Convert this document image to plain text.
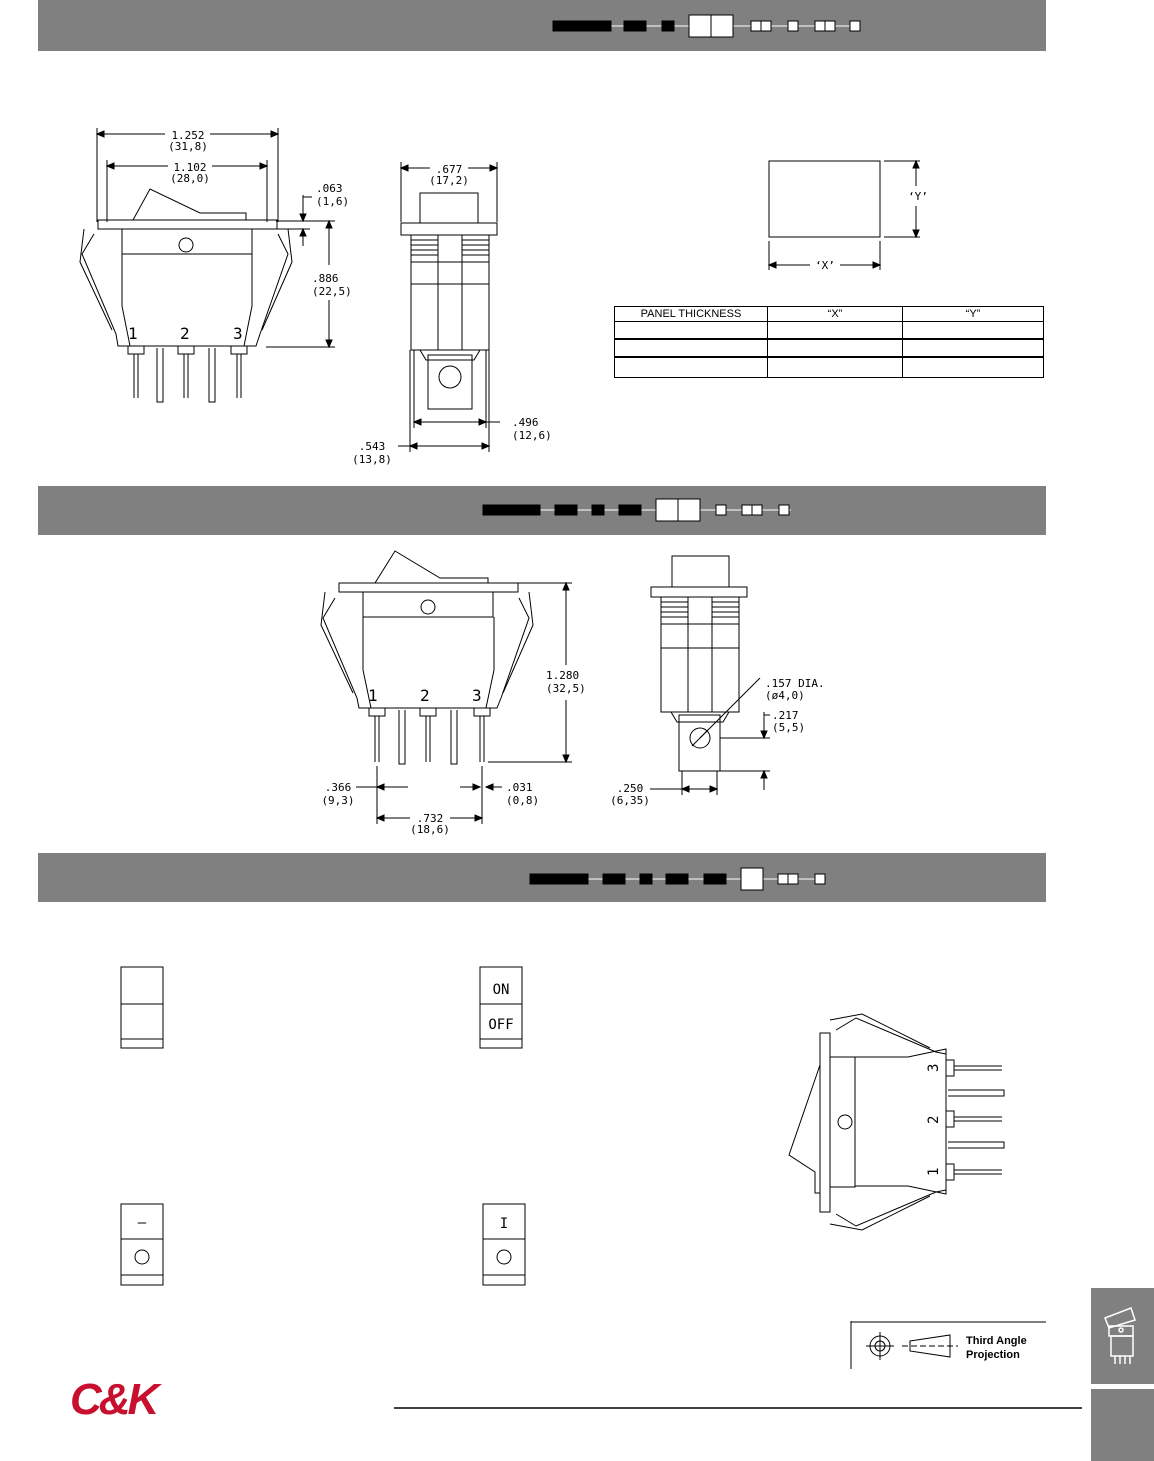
1.252
(31,8)
1.102
(28,0)
.063
(1,6)
.886
(22,5)
.677
(17,2)
.496
(12,6)
.543
(13,8)
‘Y’
‘X’
1	2	3
1	2	3
1.280
(32,5)
.366
(9,3)
.732
(18,6)
.031
(0,8)
.157 DIA.
(ø4,0)
.217
(5,5)
.250
(6,35)
ON
OFF
—	I
3
2
1
PANEL THICKNESS	“X”	“Y”

Third Angle
Projection
C&K
